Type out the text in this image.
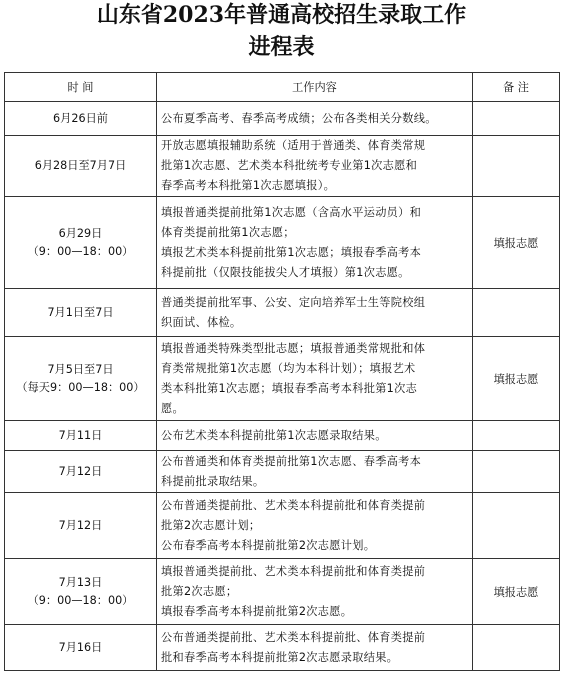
山东省2023年普通高校招生录取工作
进程表
时 间	工作内容	备 注

6月26日前	公布夏季高考、春季高考成绩；公布各类相关分数线。	

6月28日至7月7日	开放志愿填报辅助系统（适用于普通类、体育类常规
批第1次志愿、艺术类本科批统考专业第1次志愿和
春季高考本科批第1次志愿填报）。	

6月29日
（9：00—18：00）	填报普通类提前批第1次志愿（含高水平运动员）和
体育类提前批第1次志愿；
填报艺术类本科提前批第1次志愿；填报春季高考本
科提前批（仅限技能拔尖人才填报）第1次志愿。	填报志愿

7月1日至7日	普通类提前批军事、公安、定向培养军士生等院校组
织面试、体检。	

7月5日至7日
（每天9：00—18：00）	填报普通类特殊类型批志愿；填报普通类常规批和体
育类常规批第1次志愿（均为本科计划）；填报艺术
类本科批第1次志愿；填报春季高考本科批第1次志
愿。	填报志愿

7月11日	公布艺术类本科提前批第1次志愿录取结果。	

7月12日	公布普通类和体育类提前批第1次志愿、春季高考本
科提前批录取结果。	

7月12日	公布普通类提前批、艺术类本科提前批和体育类提前
批第2次志愿计划；
公布春季高考本科提前批第2次志愿计划。	

7月13日
（9：00—18：00）	填报普通类提前批、艺术类本科提前批和体育类提前
批第2次志愿；
填报春季高考本科提前批第2次志愿。	填报志愿

7月16日	公布普通类提前批、艺术类本科提前批、体育类提前
批和春季高考本科提前批第2次志愿录取结果。	
